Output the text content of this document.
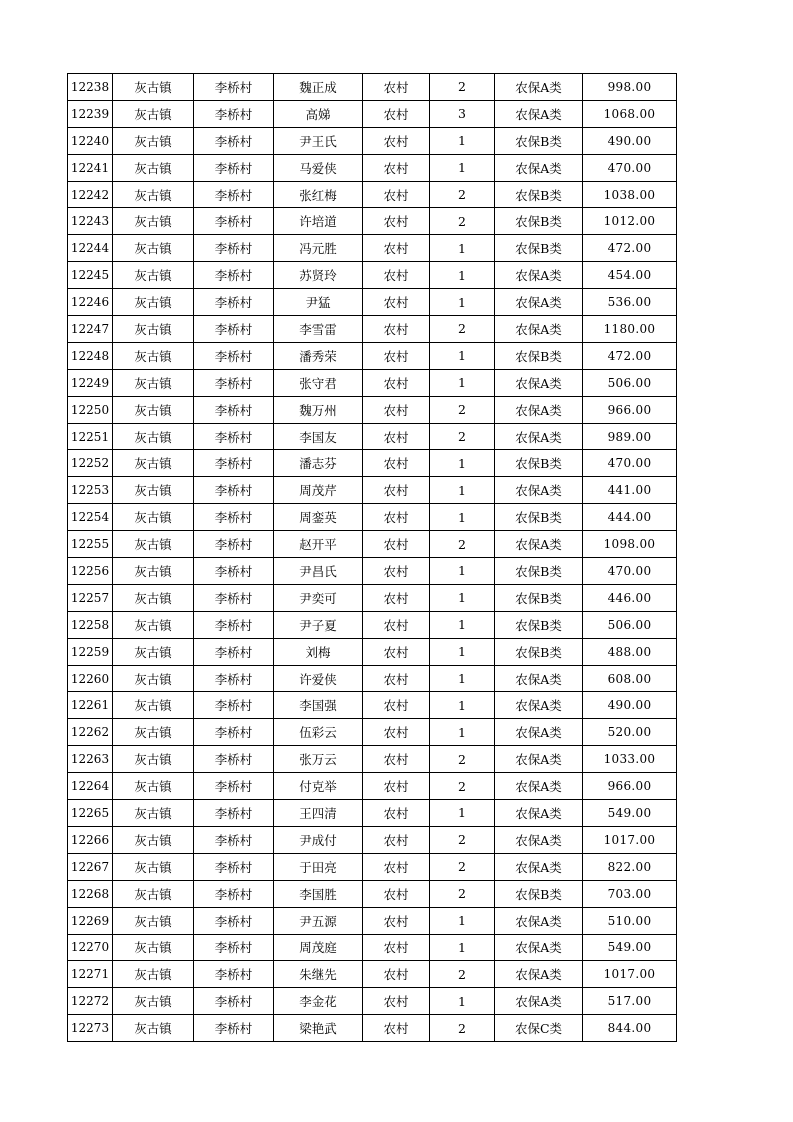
12238	灰古镇	李桥村	魏正成	农村	2	农保A类	998.00
12239	灰古镇	李桥村	高娣	农村	3	农保A类	1068.00
12240	灰古镇	李桥村	尹王氏	农村	1	农保B类	490.00
12241	灰古镇	李桥村	马爱侠	农村	1	农保A类	470.00
12242	灰古镇	李桥村	张红梅	农村	2	农保B类	1038.00
12243	灰古镇	李桥村	许培道	农村	2	农保B类	1012.00
12244	灰古镇	李桥村	冯元胜	农村	1	农保B类	472.00
12245	灰古镇	李桥村	苏贤玲	农村	1	农保A类	454.00
12246	灰古镇	李桥村	尹猛	农村	1	农保A类	536.00
12247	灰古镇	李桥村	李雪雷	农村	2	农保A类	1180.00
12248	灰古镇	李桥村	潘秀荣	农村	1	农保B类	472.00
12249	灰古镇	李桥村	张守君	农村	1	农保A类	506.00
12250	灰古镇	李桥村	魏万州	农村	2	农保A类	966.00
12251	灰古镇	李桥村	李国友	农村	2	农保A类	989.00
12252	灰古镇	李桥村	潘志芬	农村	1	农保B类	470.00
12253	灰古镇	李桥村	周茂芹	农村	1	农保A类	441.00
12254	灰古镇	李桥村	周銮英	农村	1	农保B类	444.00
12255	灰古镇	李桥村	赵开平	农村	2	农保A类	1098.00
12256	灰古镇	李桥村	尹昌氏	农村	1	农保B类	470.00
12257	灰古镇	李桥村	尹奕可	农村	1	农保B类	446.00
12258	灰古镇	李桥村	尹子夏	农村	1	农保B类	506.00
12259	灰古镇	李桥村	刘梅	农村	1	农保B类	488.00
12260	灰古镇	李桥村	许爱侠	农村	1	农保A类	608.00
12261	灰古镇	李桥村	李国强	农村	1	农保A类	490.00
12262	灰古镇	李桥村	伍彩云	农村	1	农保A类	520.00
12263	灰古镇	李桥村	张万云	农村	2	农保A类	1033.00
12264	灰古镇	李桥村	付克举	农村	2	农保A类	966.00
12265	灰古镇	李桥村	王四清	农村	1	农保A类	549.00
12266	灰古镇	李桥村	尹成付	农村	2	农保A类	1017.00
12267	灰古镇	李桥村	于田亮	农村	2	农保A类	822.00
12268	灰古镇	李桥村	李国胜	农村	2	农保B类	703.00
12269	灰古镇	李桥村	尹五源	农村	1	农保A类	510.00
12270	灰古镇	李桥村	周茂庭	农村	1	农保A类	549.00
12271	灰古镇	李桥村	朱继先	农村	2	农保A类	1017.00
12272	灰古镇	李桥村	李金花	农村	1	农保A类	517.00
12273	灰古镇	李桥村	梁艳武	农村	2	农保C类	844.00
